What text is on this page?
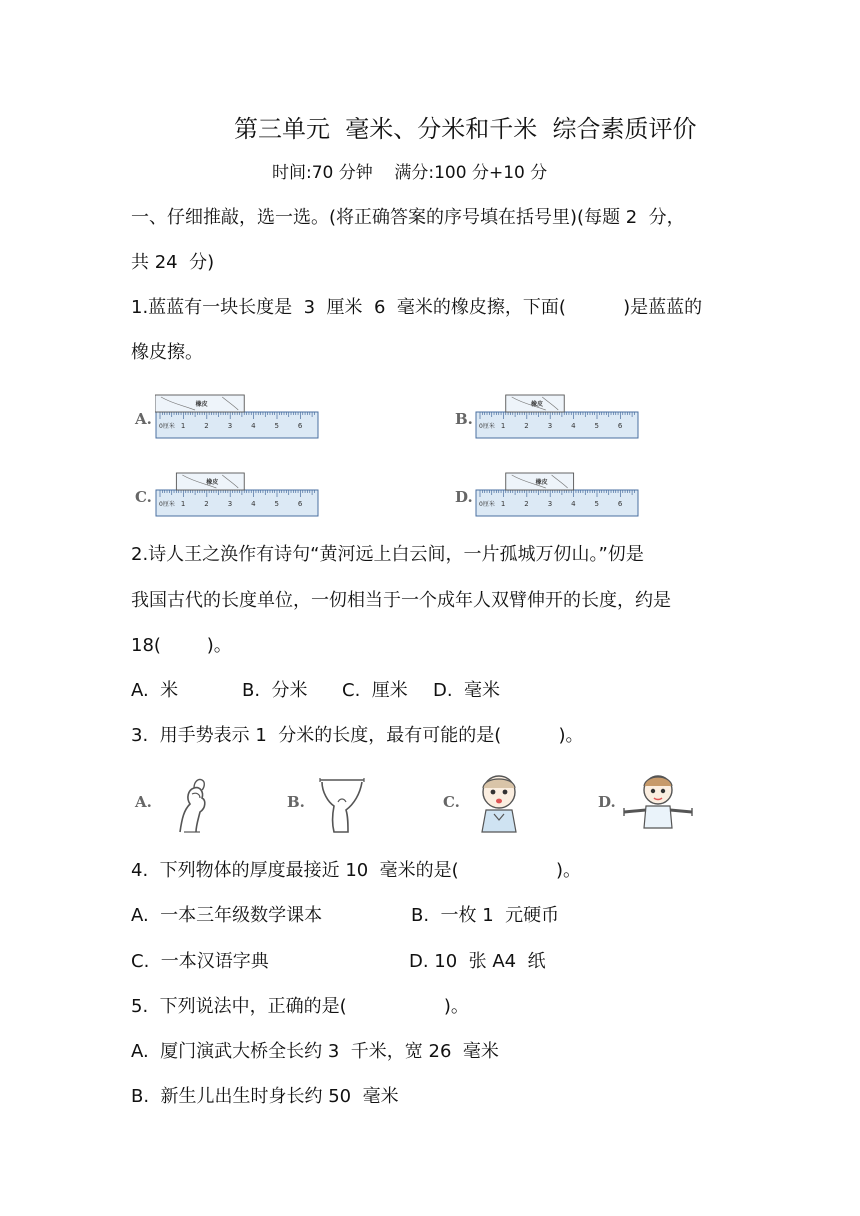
第三单元  毫米、分米和千米  综合素质评价
时间:70 分钟    满分:100 分+10 分

一、仔细推敲，选一选。(将正确答案的序号填在括号里)(每题 2  分，

共 24  分)

1.蓝蓝有一块长度是  3  厘米  6  毫米的橡皮擦，下面(          )是蓝蓝的

橡皮擦。

A. 0厘米 1	2	3	4	5	6
橡皮
B. 0厘米 1	2	3	4	5	6
橡皮
C. 0厘米 1	2	3	4	5	6
橡皮
D. 0厘米 1	2	3	4	5	6
橡皮

2.诗人王之涣作有诗句“黄河远上白云间，一片孤城万仞山。”仞是

我国古代的长度单位，一仞相当于一个成年人双臂伸开的长度，约是

18(        )。

A.  米	B.  分米 C.  厘米 D.  毫米

3.  用手势表示 1  分米的长度，最有可能的是(          )。

A.	B.	C.	D.

4.  下列物体的厚度最接近 10  毫米的是(                 )。

A.  一本三年级数学课本	B.  一枚 1  元硬币
C.  一本汉语字典	D. 10  张 A4  纸

5.  下列说法中，正确的是(                 )。

A.  厦门演武大桥全长约 3  千米，宽 26  毫米

B.  新生儿出生时身长约 50  毫米
